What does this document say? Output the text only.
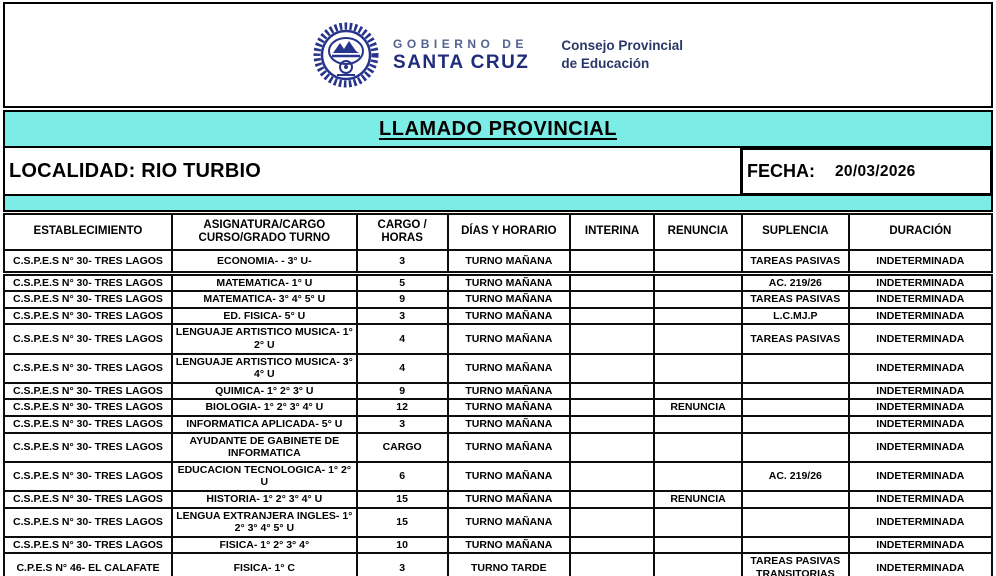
GOBIERNO DE
SANTA CRUZ
Consejo Provincial
de Educación
LLAMADO PROVINCIAL
LOCALIDAD:
RIO TURBIO	FECHA: 20/03/2026
ESTABLECIMIENTO	ASIGNATURA/CARGO CURSO/GRADO TURNO	CARGO / HORAS	DÍAS Y HORARIO	INTERINA	RENUNCIA	SUPLENCIA	DURACIÓN
C.S.P.E.S N° 30- TRES LAGOS	ECONOMIA- - 3° U-	3	TURNO MAÑANA			TAREAS PASIVAS	INDETERMINADA
C.S.P.E.S N° 30- TRES LAGOS	MATEMATICA- 1° U	5	TURNO MAÑANA			AC. 219/26	INDETERMINADA
C.S.P.E.S N° 30- TRES LAGOS	MATEMATICA- 3° 4° 5° U	9	TURNO MAÑANA			TAREAS PASIVAS	INDETERMINADA
C.S.P.E.S N° 30- TRES LAGOS	ED. FISICA- 5° U	3	TURNO MAÑANA			L.C.MJ.P	INDETERMINADA
C.S.P.E.S N° 30- TRES LAGOS	LENGUAJE ARTISTICO MUSICA- 1° 2° U	4	TURNO MAÑANA			TAREAS PASIVAS	INDETERMINADA
C.S.P.E.S N° 30- TRES LAGOS	LENGUAJE ARTISTICO MUSICA- 3° 4° U	4	TURNO MAÑANA				INDETERMINADA
C.S.P.E.S N° 30- TRES LAGOS	QUIMICA- 1° 2° 3° U	9	TURNO MAÑANA				INDETERMINADA
C.S.P.E.S N° 30- TRES LAGOS	BIOLOGIA- 1° 2° 3° 4° U	12	TURNO MAÑANA		RENUNCIA		INDETERMINADA
C.S.P.E.S N° 30- TRES LAGOS	INFORMATICA APLICADA- 5° U	3	TURNO MAÑANA				INDETERMINADA
C.S.P.E.S N° 30- TRES LAGOS	AYUDANTE DE GABINETE DE INFORMATICA	CARGO	TURNO MAÑANA				INDETERMINADA
C.S.P.E.S N° 30- TRES LAGOS	EDUCACION TECNOLOGICA- 1° 2° U	6	TURNO MAÑANA			AC. 219/26	INDETERMINADA
C.S.P.E.S N° 30- TRES LAGOS	HISTORIA- 1° 2° 3° 4° U	15	TURNO MAÑANA		RENUNCIA		INDETERMINADA
C.S.P.E.S N° 30- TRES LAGOS	LENGUA EXTRANJERA INGLES- 1° 2° 3° 4° 5° U	15	TURNO MAÑANA				INDETERMINADA
C.S.P.E.S N° 30- TRES LAGOS	FISICA- 1° 2° 3° 4°	10	TURNO MAÑANA				INDETERMINADA
C.P.E.S N° 46- EL CALAFATE	FISICA- 1° C	3	TURNO TARDE			TAREAS PASIVAS TRANSITORIAS	INDETERMINADA
